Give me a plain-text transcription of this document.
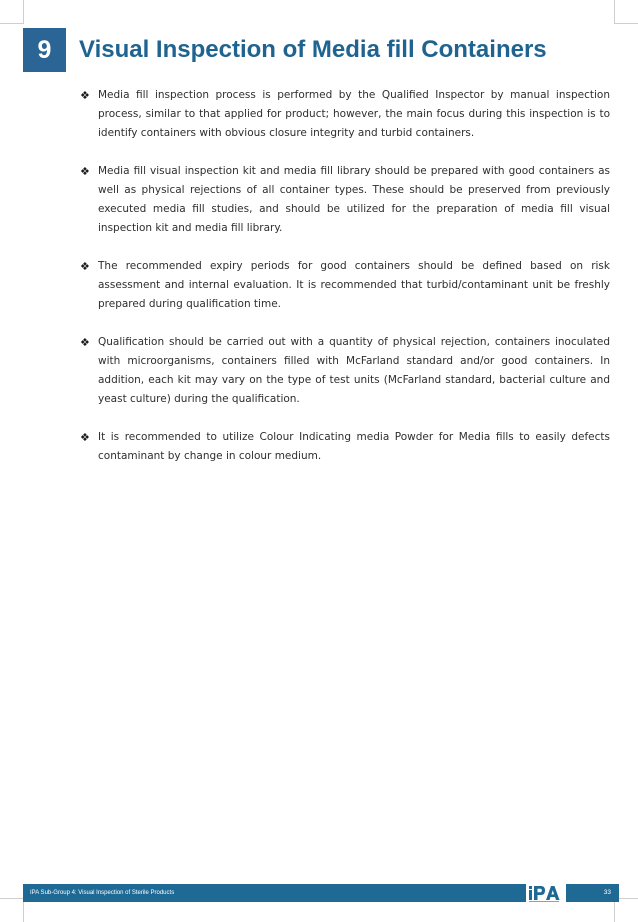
9	Visual Inspection of Media fill Containers
❖ Media fill inspection process is performed by the Qualified Inspector by manual inspection process, similar to that applied for product; however, the main focus during this inspection is to identify containers with obvious closure integrity and turbid containers.
❖ Media fill visual inspection kit and media fill library should be prepared with good containers as well as physical rejections of all container types. These should be preserved from previously executed media fill studies, and should be utilized for the preparation of media fill visual inspection kit and media fill library.
❖ The recommended expiry periods for good containers should be defined based on risk assessment and internal evaluation. It is recommended that turbid/contaminant unit be freshly prepared during qualification time.
❖ Qualification should be carried out with a quantity of physical rejection, containers inoculated with microorganisms, containers filled with McFarland standard and/or good containers. In addition, each kit may vary on the type of test units (McFarland standard, bacterial culture and yeast culture) during the qualification.
❖ It is recommended to utilize Colour Indicating media Powder for Media fills to easily defects contaminant by change in colour medium.
IPA Sub-Group 4: Visual Inspection of Sterile Products	33
